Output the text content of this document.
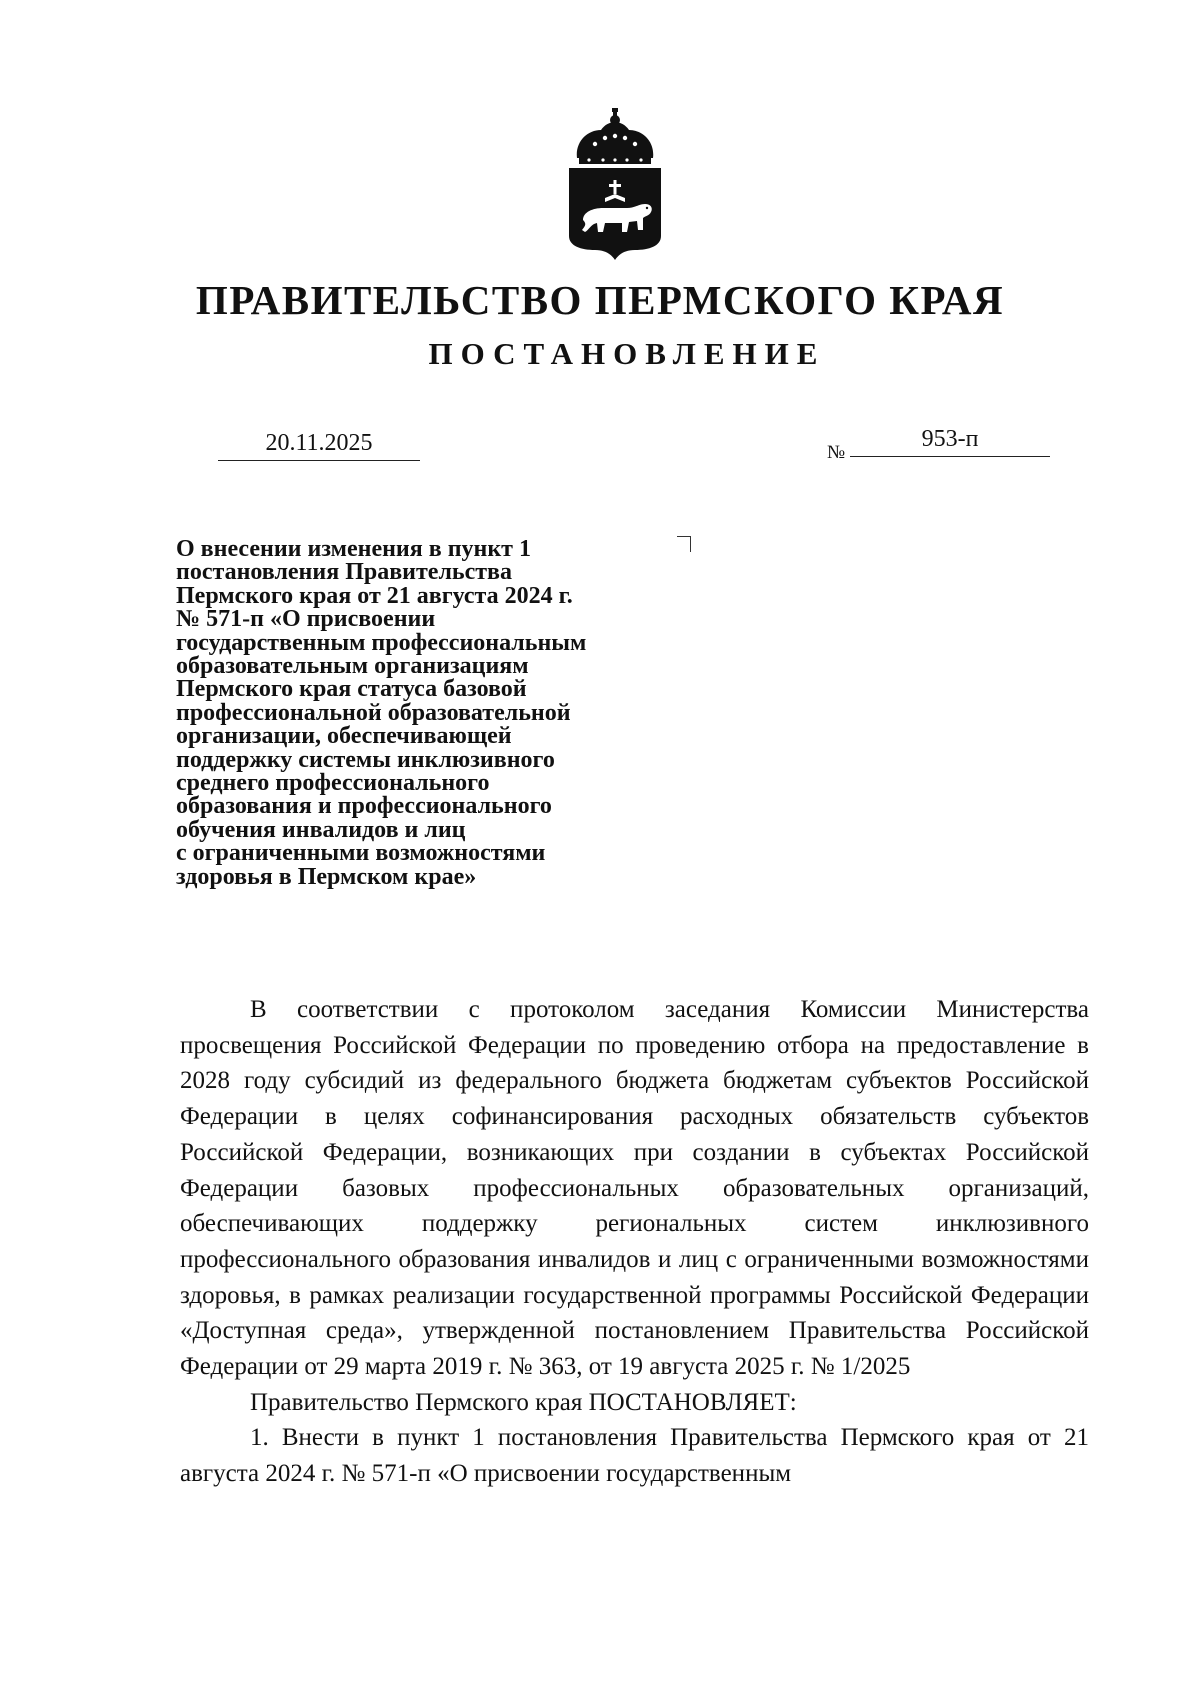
ПРАВИТЕЛЬСТВО ПЕРМСКОГО КРАЯ
ПОСТАНОВЛЕНИЕ
20.11.2025	№
953-п
О внесении изменения в пункт 1
постановления Правительства
Пермского края от 21 августа 2024 г.
№ 571-п «О присвоении
государственным профессиональным
образовательным организациям
Пермского края статуса базовой
профессиональной образовательной
организации, обеспечивающей
поддержку системы инклюзивного
среднего профессионального
образования и профессионального
обучения инвалидов и лиц
с ограниченными возможностями
здоровья в Пермском крае»

В соответствии с протоколом заседания Комиссии Министерства просвещения Российской Федерации по проведению отбора на предоставление в 2028 году субсидий из федерального бюджета бюджетам субъектов Российской Федерации в целях софинансирования расходных обязательств субъектов Российской Федерации, возникающих при создании в субъектах Российской Федерации базовых профессиональных образовательных организаций, обеспечивающих поддержку региональных систем инклюзивного профессионального образования инвалидов и лиц с ограниченными возможностями здоровья, в рамках реализации государственной программы Российской Федерации «Доступная среда», утвержденной постановлением Правительства Российской Федерации от 29 марта 2019 г. № 363, от 19 августа 2025 г. № 1/2025

Правительство Пермского края ПОСТАНОВЛЯЕТ:

1. Внести в пункт 1 постановления Правительства Пермского края от 21 августа 2024 г. № 571-п «О присвоении государственным
